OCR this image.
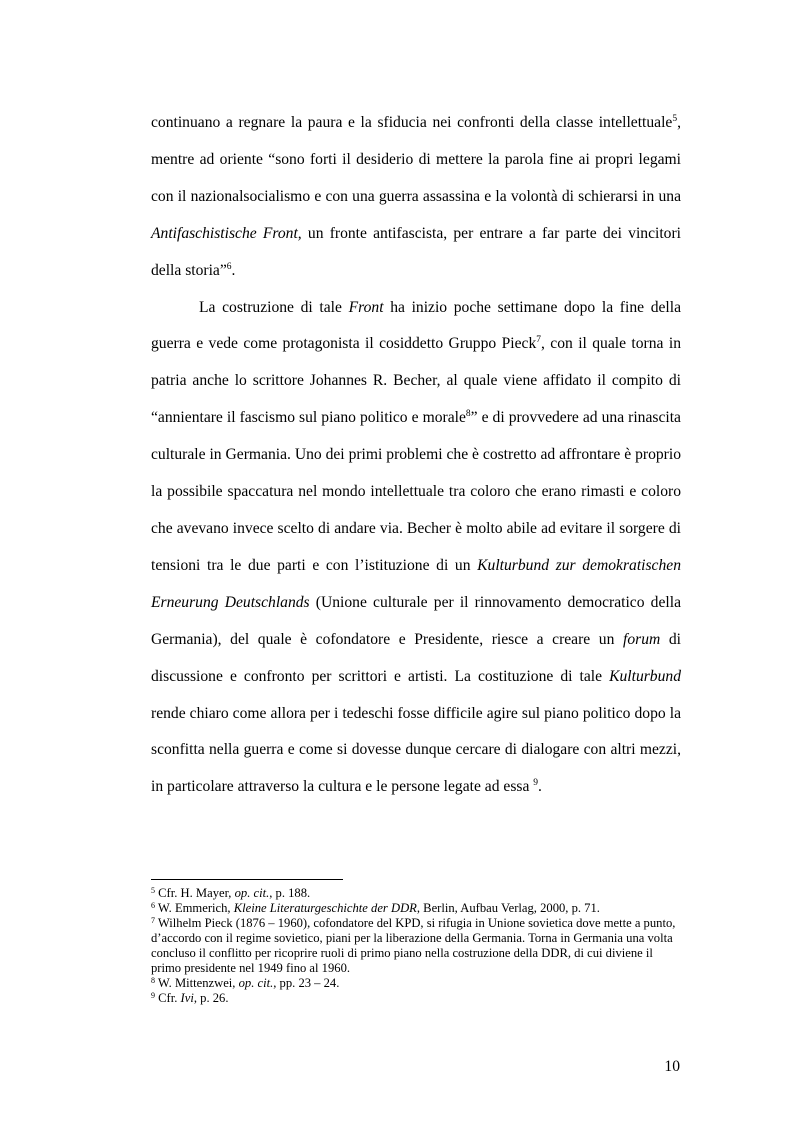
continuano a regnare la paura e la sfiducia nei confronti della classe intellettuale$^5$, mentre ad oriente “sono forti il desiderio di mettere la parola fine ai propri legami con il nazionalsocialismo e con una guerra assassina e la volontà di schierarsi in una Antifaschistische Front, un fronte antifascista, per entrare a far parte dei vincitori della storia”$^6$.

La costruzione di tale Front ha inizio poche settimane dopo la fine della guerra e vede come protagonista il cosiddetto Gruppo Pieck$^7$, con il quale torna in patria anche lo scrittore Johannes R. Becher, al quale viene affidato il compito di “annientare il fascismo sul piano politico e morale$^8$” e di provvedere ad una rinascita culturale in Germania. Uno dei primi problemi che è costretto ad affrontare è proprio la possibile spaccatura nel mondo intellettuale tra coloro che erano rimasti e coloro che avevano invece scelto di andare via. Becher è molto abile ad evitare il sorgere di tensioni tra le due parti e con l’istituzione di un Kulturbund zur demokratischen Erneurung Deutschlands (Unione culturale per il rinnovamento democratico della Germania), del quale è cofondatore e Presidente, riesce a creare un forum di discussione e confronto per scrittori e artisti. La costituzione di tale Kulturbund rende chiaro come allora per i tedeschi fosse difficile agire sul piano politico dopo la sconfitta nella guerra e come si dovesse dunque cercare di dialogare con altri mezzi, in particolare attraverso la cultura e le persone legate ad essa $^9$.

$^5$ Cfr. H. Mayer, op. cit., p. 188.

$^6$ W. Emmerich, Kleine Literaturgeschichte der DDR, Berlin, Aufbau Verlag, 2000, p. 71.

$^7$ Wilhelm Pieck (1876 – 1960), cofondatore del KPD, si rifugia in Unione sovietica dove mette a punto, d’accordo con il regime sovietico, piani per la liberazione della Germania. Torna in Germania una volta concluso il conflitto per ricoprire ruoli di primo piano nella costruzione della DDR, di cui diviene il primo presidente nel 1949 fino al 1960.

$^8$ W. Mittenzwei, op. cit., pp. 23 – 24.

$^9$ Cfr. Ivi, p. 26.

10
